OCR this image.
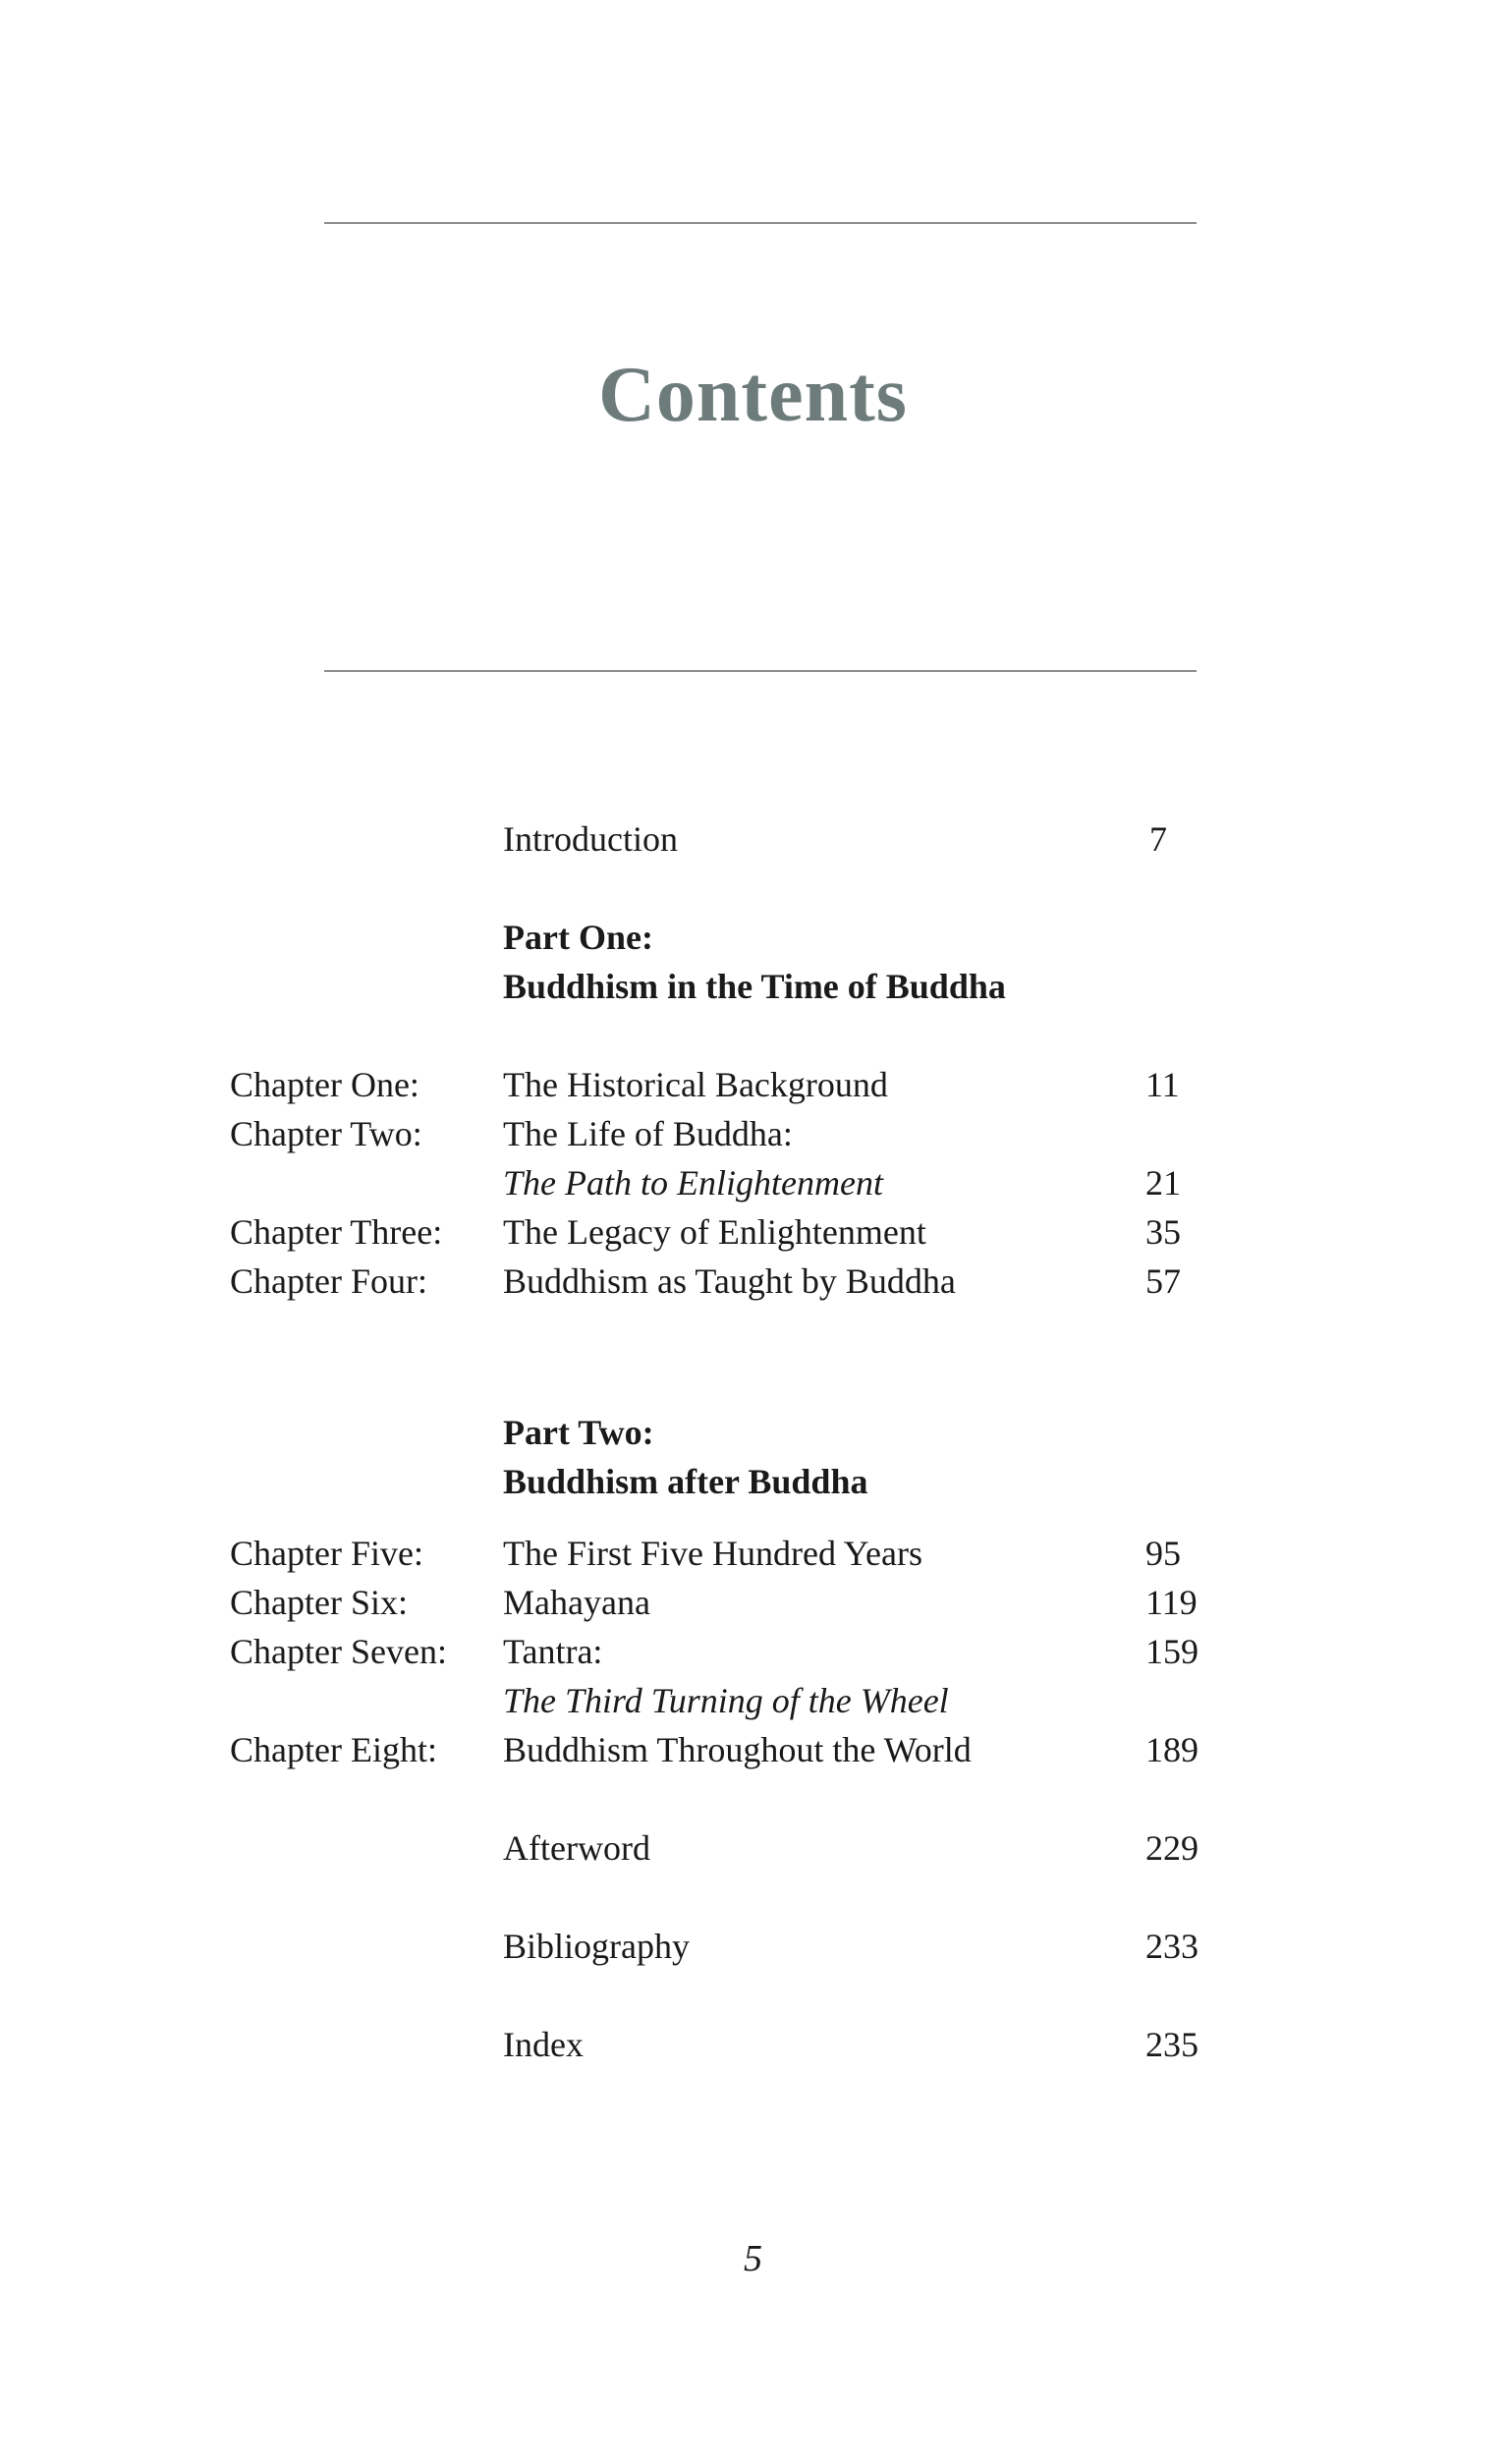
Contents
Introduction	7
Part One:
Buddhism in the Time of Buddha
Chapter One: The Historical Background	11
Chapter Two: The Life of Buddha:
The Path to Enlightenment	21
Chapter Three: The Legacy of Enlightenment	35
Chapter Four: Buddhism as Taught by Buddha	57
Part Two:
Buddhism after Buddha
Chapter Five: The First Five Hundred Years	95
Chapter Six:	Mahayana	119
Chapter Seven: Tantra:	159
The Third Turning of the Wheel
Chapter Eight: Buddhism Throughout the World	189
Afterword	229
Bibliography	233
Index	235
5
